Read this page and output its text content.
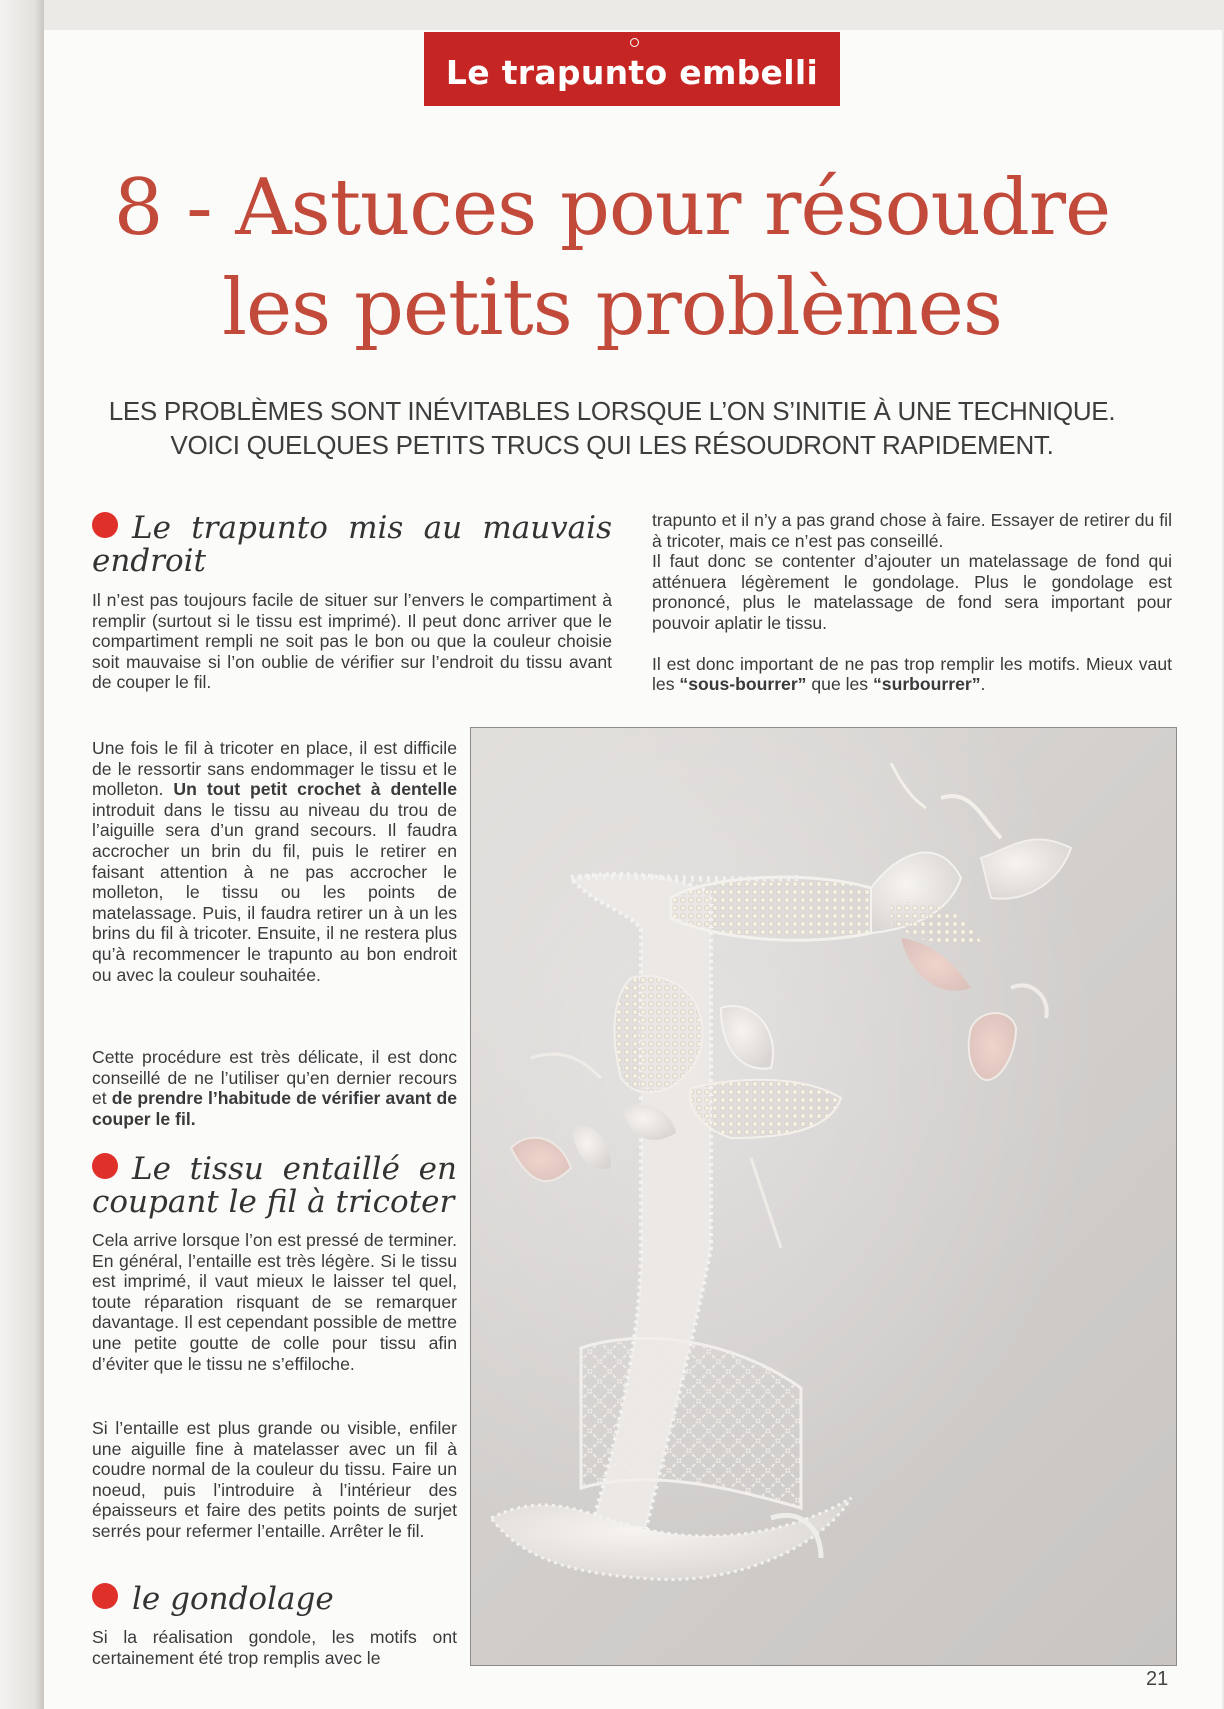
Le trapunto embelli
8 - Astuces pour résoudre
les petits problèmes
LES PROBLÈMES SONT INÉVITABLES LORSQUE L’ON S’INITIE À UNE TECHNIQUE.
VOICI QUELQUES PETITS TRUCS QUI LES RÉSOUDRONT RAPIDEMENT.
Le trapunto mis au mauvais
endroit

Il n’est pas toujours facile de situer sur l’envers le compartiment à remplir (surtout si le tissu est imprimé). Il peut donc arriver que le compartiment rempli ne soit pas le bon ou que la couleur choisie soit mauvaise si l’on oublie de vérifier sur l’endroit du tissu avant de couper le fil.

Une fois le fil à tricoter en place, il est difficile de le ressortir sans endommager le tissu et le molleton. Un tout petit crochet à dentelle introduit dans le tissu au niveau du trou de l’aiguille sera d’un grand secours. Il faudra accrocher un brin du fil, puis le retirer en faisant attention à ne pas accrocher le molleton, le tissu ou les points de matelassage. Puis, il faudra retirer un à un les brins du fil à tricoter. Ensuite, il ne restera plus qu’à recommencer le trapunto au bon endroit ou avec la couleur souhaitée.

Cette procédure est très délicate, il est donc conseillé de ne l’utiliser qu’en dernier recours et de prendre l’habitude de vérifier avant de couper le fil.

Le tissu entaillé en
coupant le fil à tricoter

Cela arrive lorsque l’on est pressé de terminer. En général, l’entaille est très légère. Si le tissu est imprimé, il vaut mieux le laisser tel quel, toute réparation risquant de se remarquer davantage. Il est cependant possible de mettre une petite goutte de colle pour tissu afin d’éviter que le tissu ne s’effiloche.

Si l’entaille est plus grande ou visible, enfiler une aiguille fine à matelasser avec un fil à coudre normal de la couleur du tissu. Faire un noeud, puis l’introduire à l’intérieur des épaisseurs et faire des petits points de surjet serrés pour refermer l’entaille. Arrêter le fil.

le gondolage

Si la réalisation gondole, les motifs ont certainement été trop remplis avec le

trapunto et il n’y a pas grand chose à faire. Essayer de retirer du fil à tricoter, mais ce n’est pas conseillé.

Il faut donc se contenter d’ajouter un matelassage de fond qui atténuera légèrement le gondolage. Plus le gondolage est prononcé, plus le matelassage de fond sera important pour pouvoir aplatir le tissu.

Il est donc important de ne pas trop remplir les motifs. Mieux vaut les “sous-bourrer” que les “surbourrer”.

21
